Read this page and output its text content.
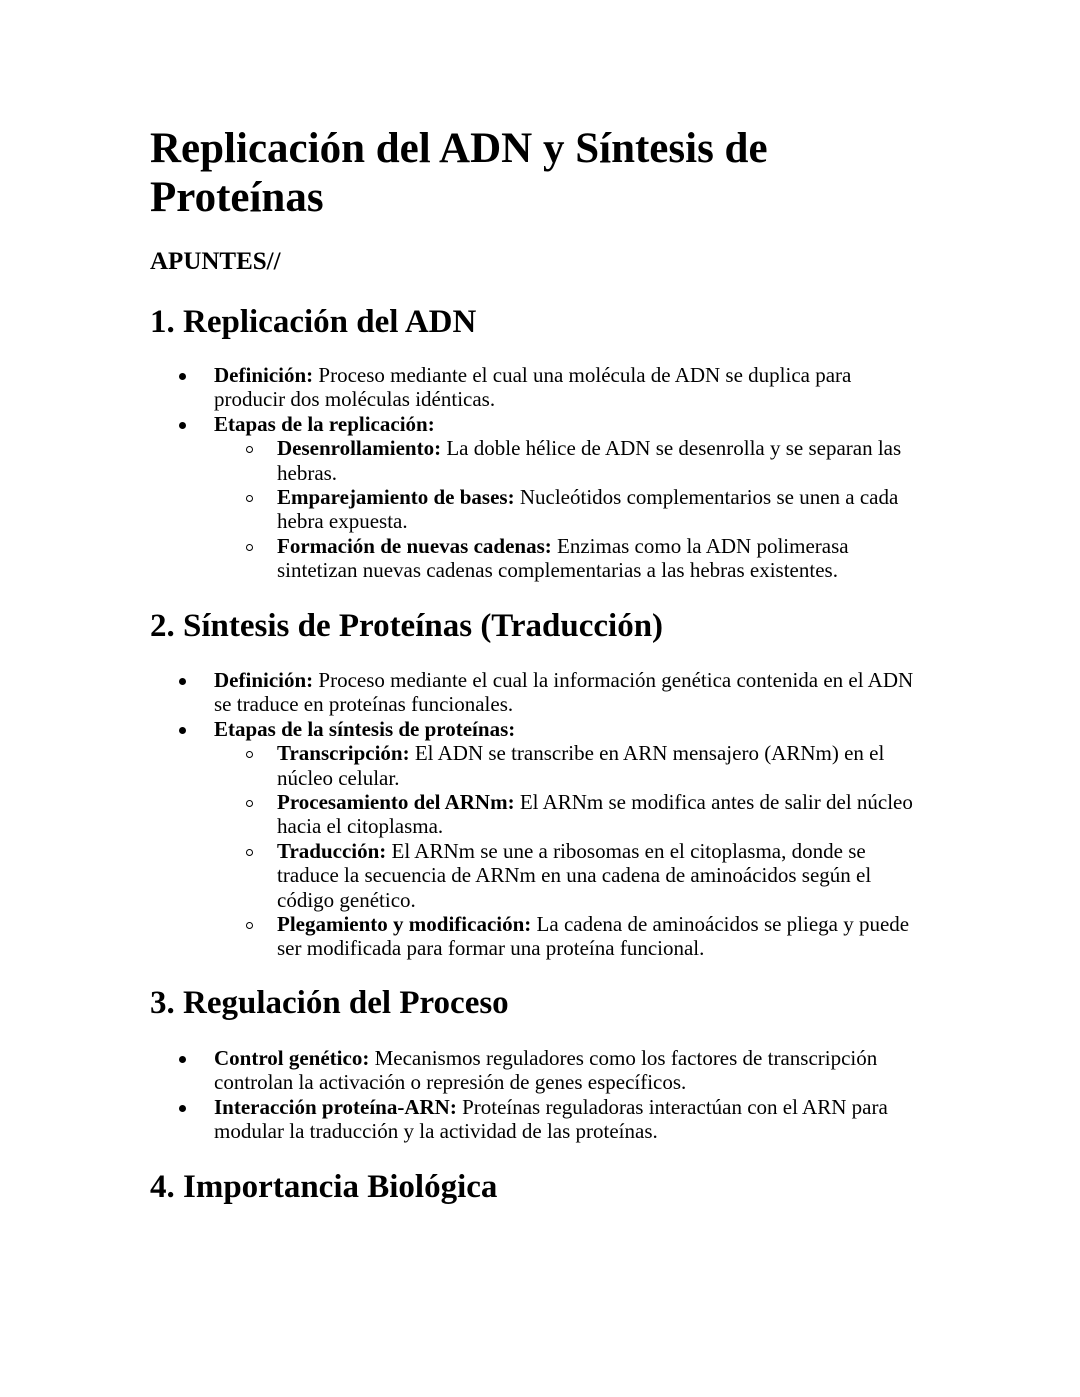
Replicación del ADN y Síntesis de Proteínas

APUNTES//

1. Replicación del ADN
Definición: Proceso mediante el cual una molécula de ADN se duplica para producir dos moléculas idénticas.
Etapas de la replicación:
Desenrollamiento: La doble hélice de ADN se desenrolla y se separan las hebras.
Emparejamiento de bases: Nucleótidos complementarios se unen a cada hebra expuesta.
Formación de nuevas cadenas: Enzimas como la ADN polimerasa sintetizan nuevas cadenas complementarias a las hebras existentes.
2. Síntesis de Proteínas (Traducción)
Definición: Proceso mediante el cual la información genética contenida en el ADN se traduce en proteínas funcionales.
Etapas de la síntesis de proteínas:
Transcripción: El ADN se transcribe en ARN mensajero (ARNm) en el núcleo celular.
Procesamiento del ARNm: El ARNm se modifica antes de salir del núcleo hacia el citoplasma.
Traducción: El ARNm se une a ribosomas en el citoplasma, donde se traduce la secuencia de ARNm en una cadena de aminoácidos según el código genético.
Plegamiento y modificación: La cadena de aminoácidos se pliega y puede ser modificada para formar una proteína funcional.
3. Regulación del Proceso
Control genético: Mecanismos reguladores como los factores de transcripción controlan la activación o represión de genes específicos.
Interacción proteína-ARN: Proteínas reguladoras interactúan con el ARN para modular la traducción y la actividad de las proteínas.
4. Importancia Biológica
